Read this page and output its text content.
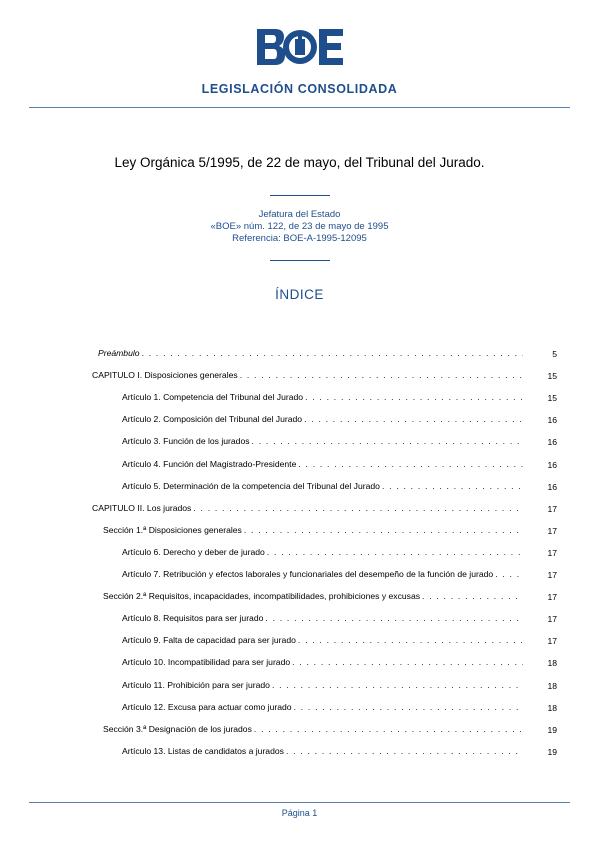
LEGISLACIÓN CONSOLIDADA
Ley Orgánica 5/1995, de 22 de mayo, del Tribunal del Jurado.
Jefatura del Estado
«BOE» núm. 122, de 23 de mayo de 1995
Referencia: BOE-A-1995-12095
ÍNDICE
Preámbulo . . .	5
CAPITULO I. Disposiciones generales . . .	15
Artículo 1. Competencia del Tribunal del Jurado . . .	15
Artículo 2. Composición del Tribunal del Jurado . . .	16
Artículo 3. Función de los jurados . . .	16
Artículo 4. Función del Magistrado-Presidente . . .	16
Artículo 5. Determinación de la competencia del Tribunal del Jurado . . .	16
CAPITULO II. Los jurados . . .	17
Sección 1.ª Disposiciones generales . . .	17
Artículo 6. Derecho y deber de jurado . . .	17
Artículo 7. Retribución y efectos laborales y funcionariales del desempeño de la función de jurado . . .	17
Sección 2.ª Requisitos, incapacidades, incompatibilidades, prohibiciones y excusas . . .	17
Artículo 8. Requisitos para ser jurado . . .	17
Artículo 9. Falta de capacidad para ser jurado . . .	17
Artículo 10. Incompatibilidad para ser jurado . . .	18
Artículo 11. Prohibición para ser jurado . . .	18
Artículo 12. Excusa para actuar como jurado . . .	18
Sección 3.ª Designación de los jurados . . .	19
Artículo 13. Listas de candidatos a jurados . . .	19
Página 1
